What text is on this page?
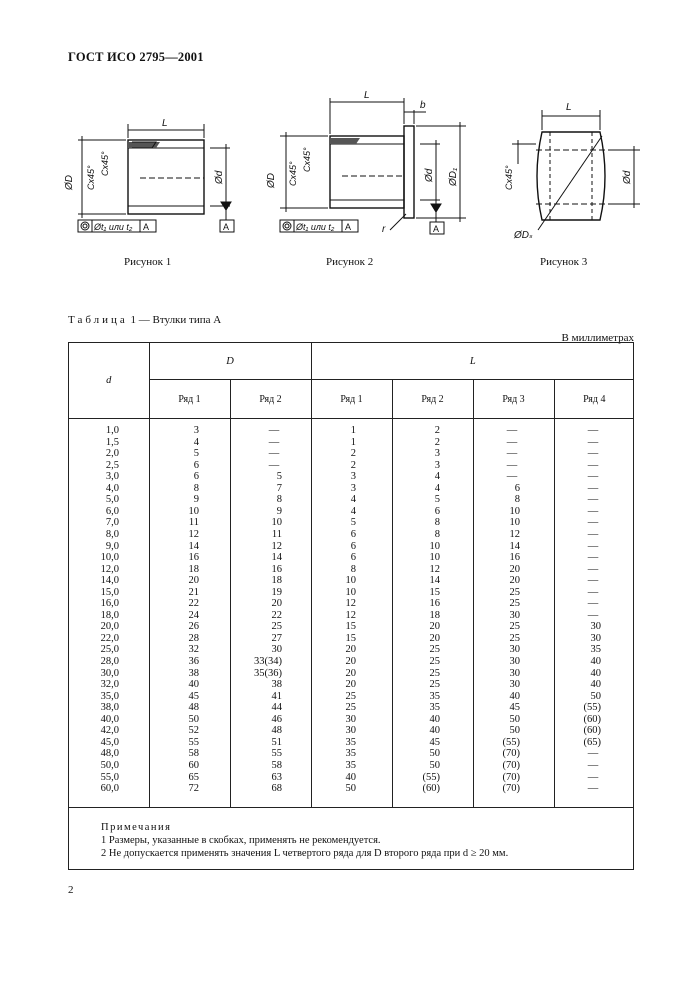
ГОСТ ИСО 2795—2001
L
ØD Cx45°
Cx45°
Ød
A
Øt₁ или t₂ A
L
b
ØD Cx45°
Cx45°
Ød ØD₁
r	A
Øt₁ или t₂ A
L
Cx45°	Ød
ØDₛ
Рисунок 1	Рисунок 2	Рисунок 3
Таблица 1 — Втулки типа А
В миллиметрах
d	D		L			
	Ряд 1	Ряд 2	Ряд 1	Ряд 2	Ряд 3	Ряд 4
1,0	3	—	1	2	—	—
1,5	4	—	1	2	—	—
2,0	5	—	2	3	—	—
2,5	6	—	2	3	—	—
3,0	6	5	3	4	—	—
4,0	8	7	3	4	6	—
5,0	9	8	4	5	8	—
6,0	10	9	4	6	10	—
7,0	11	10	5	8	10	—
8,0	12	11	6	8	12	—
9,0	14	12	6	10	14	—
10,0	16	14	6	10	16	—
12,0	18	16	8	12	20	—
14,0	20	18	10	14	20	—
15,0	21	19	10	15	25	—
16,0	22	20	12	16	25	—
18,0	24	22	12	18	30	—
20,0	26	25	15	20	25	30
22,0	28	27	15	20	25	30
25,0	32	30	20	25	30	35
28,0	36	33(34)	20	25	30	40
30,0	38	35(36)	20	25	30	40
32,0	40	38	20	25	30	40
35,0	45	41	25	35	40	50
38,0	48	44	25	35	45	(55)
40,0	50	46	30	40	50	(60)
42,0	52	48	30	40	50	(60)
45,0	55	51	35	45	(55)	(65)
48,0	58	55	35	50	(70)	—
50,0	60	58	35	50	(70)	—
55,0	65	63	40	(55)	(70)	—
60,0	72	68	50	(60)	(70)	—
Примечания
1 Размеры, указанные в скобках, применять не рекомендуется.
2 Не допускается применять значения L четвертого ряда для D второго ряда при d ≥ 20 мм.
2
